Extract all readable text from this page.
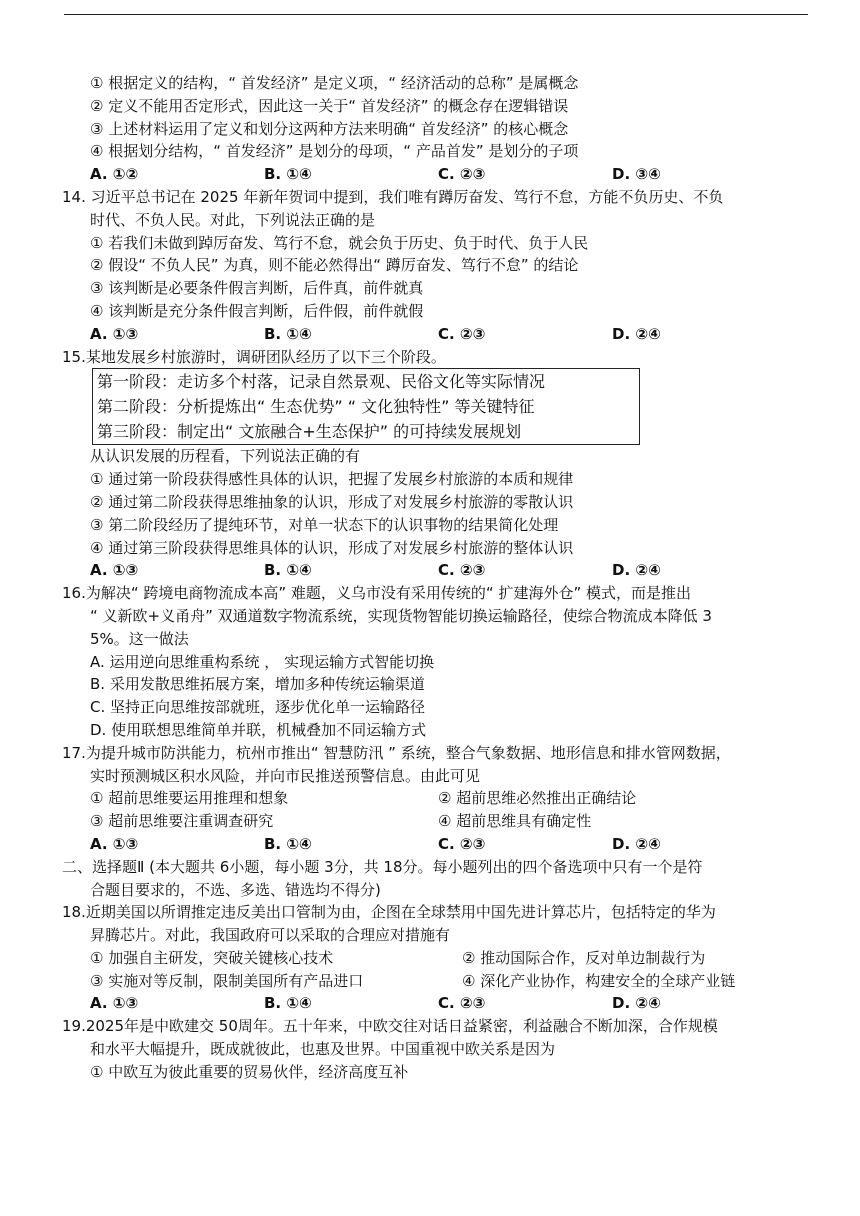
① 根据定义的结构，“ 首发经济” 是定义项，“ 经济活动的总称” 是属概念
② 定义不能用否定形式，因此这一关于“ 首发经济” 的概念存在逻辑错误
③ 上述材料运用了定义和划分这两种方法来明确“ 首发经济” 的核心概念
④ 根据划分结构，“ 首发经济” 是划分的母项，“ 产品首发” 是划分的子项
A. ①②	B. ①④	C. ②③	D. ③④
14. 习近平总书记在 2025 年新年贺词中提到，我们唯有蹲厉奋发、笃行不怠，方能不负历史、不负
时代、不负人民。对此，下列说法正确的是
① 若我们未做到踔厉奋发、笃行不怠，就会负于历史、负于时代、负于人民
② 假设“ 不负人民” 为真，则不能必然得出“ 蹲厉奋发、笃行不怠” 的结论
③ 该判断是必要条件假言判断，后件真，前件就真
④ 该判断是充分条件假言判断，后件假，前件就假
A. ①③	B. ①④	C. ②③	D. ②④
15.某地发展乡村旅游时，调研团队经历了以下三个阶段。
第一阶段：走访多个村落，记录自然景观、民俗文化等实际情况
第二阶段：分析提炼出“ 生态优势” “ 文化独特性” 等关键特征
第三阶段：制定出“ 文旅融合+生态保护” 的可持续发展规划
从认识发展的历程看，下列说法正确的有
① 通过第一阶段获得感性具体的认识，把握了发展乡村旅游的本质和规律
② 通过第二阶段获得思维抽象的认识，形成了对发展乡村旅游的零散认识
③ 第二阶段经历了提纯环节，对单一状态下的认识事物的结果简化处理
④ 通过第三阶段获得思维具体的认识，形成了对发展乡村旅游的整体认识
A. ①③	B. ①④	C. ②③	D. ②④
16.为解决“ 跨境电商物流成本高” 难题，义乌市没有采用传统的“ 扩建海外仓” 模式，而是推出
“ 义新欧+义甬舟” 双通道数字物流系统，实现货物智能切换运输路径，使综合物流成本降低 3
5%。这一做法
A. 运用逆向思维重构系统 ， 实现运输方式智能切换
B. 采用发散思维拓展方案，增加多种传统运输渠道
C. 坚持正向思维按部就班，逐步优化单一运输路径
D. 使用联想思维简单并联，机械叠加不同运输方式
17.为提升城市防洪能力，杭州市推出“ 智慧防汛 ” 系统，整合气象数据、地形信息和排水管网数据，
实时预测城区积水风险，并向市民推送预警信息。由此可见
① 超前思维要运用推理和想象	② 超前思维必然推出正确结论
③ 超前思维要注重调查研究	④ 超前思维具有确定性
A. ①③	B. ①④	C. ②③	D. ②④
二、选择题Ⅱ (本大题共 6小题，每小题 3分，共 18分。每小题列出的四个备选项中只有一个是符
合题目要求的，不选、多选、错选均不得分)
18.近期美国以所谓推定违反美出口管制为由，企图在全球禁用中国先进计算芯片，包括特定的华为
昇腾芯片。对此，我国政府可以采取的合理应对措施有
① 加强自主研发，突破关键核心技术	② 推动国际合作，反对单边制裁行为
③ 实施对等反制，限制美国所有产品进口	④ 深化产业协作，构建安全的全球产业链
A. ①③	B. ①④	C. ②③	D. ②④
19.2025年是中欧建交 50周年。五十年来，中欧交往对话日益紧密，利益融合不断加深，合作规模
和水平大幅提升，既成就彼此，也惠及世界。中国重视中欧关系是因为
① 中欧互为彼此重要的贸易伙伴，经济高度互补
